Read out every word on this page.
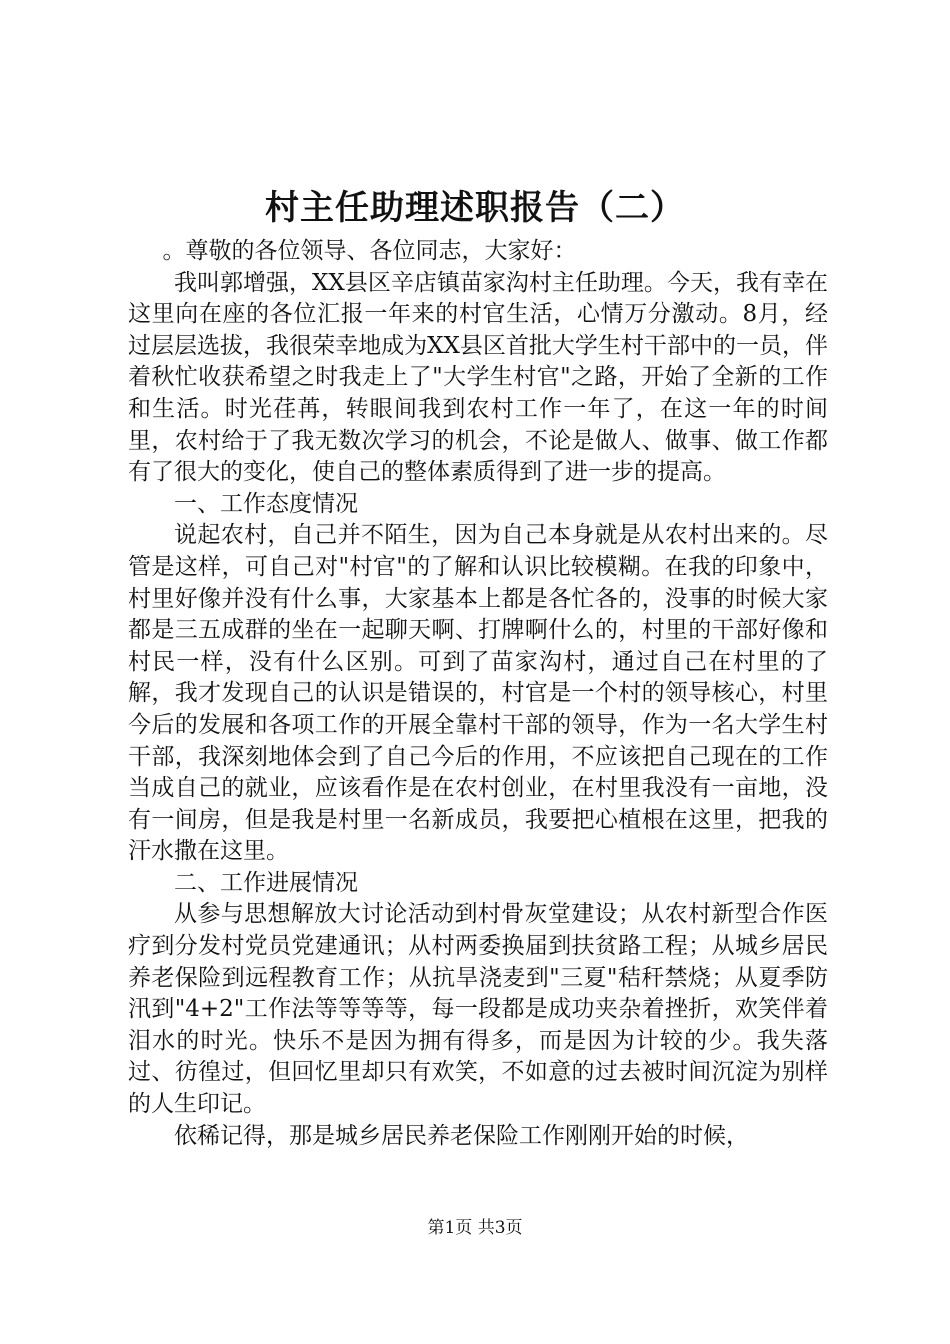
村主任助理述职报告（二）

。尊敬的各位领导、各位同志，大家好：

我叫郭增强，XX县区辛店镇苗家沟村主任助理。今天，我有幸在这里向在座的各位汇报一年来的村官生活，心情万分激动。8月，经过层层选拔，我很荣幸地成为XX县区首批大学生村干部中的一员，伴着秋忙收获希望之时我走上了"大学生村官"之路，开始了全新的工作和生活。时光荏苒，转眼间我到农村工作一年了，在这一年的时间里，农村给于了我无数次学习的机会，不论是做人、做事、做工作都有了很大的变化，使自己的整体素质得到了进一步的提高。

一、工作态度情况

说起农村，自己并不陌生，因为自己本身就是从农村出来的。尽管是这样，可自己对"村官"的了解和认识比较模糊。在我的印象中，村里好像并没有什么事，大家基本上都是各忙各的，没事的时候大家都是三五成群的坐在一起聊天啊、打牌啊什么的，村里的干部好像和村民一样，没有什么区别。可到了苗家沟村，通过自己在村里的了解，我才发现自己的认识是错误的，村官是一个村的领导核心，村里今后的发展和各项工作的开展全靠村干部的领导，作为一名大学生村干部，我深刻地体会到了自己今后的作用，不应该把自己现在的工作当成自己的就业，应该看作是在农村创业，在村里我没有一亩地，没有一间房，但是我是村里一名新成员，我要把心植根在这里，把我的汗水撒在这里。

二、工作进展情况

从参与思想解放大讨论活动到村骨灰堂建设；从农村新型合作医疗到分发村党员党建通讯；从村两委换届到扶贫路工程；从城乡居民养老保险到远程教育工作；从抗旱浇麦到"三夏"秸秆禁烧；从夏季防汛到"4+2"工作法等等等等，每一段都是成功夹杂着挫折，欢笑伴着泪水的时光。快乐不是因为拥有得多，而是因为计较的少。我失落过、彷徨过，但回忆里却只有欢笑，不如意的过去被时间沉淀为别样的人生印记。

依稀记得，那是城乡居民养老保险工作刚刚开始的时候，

第1页 共3页
